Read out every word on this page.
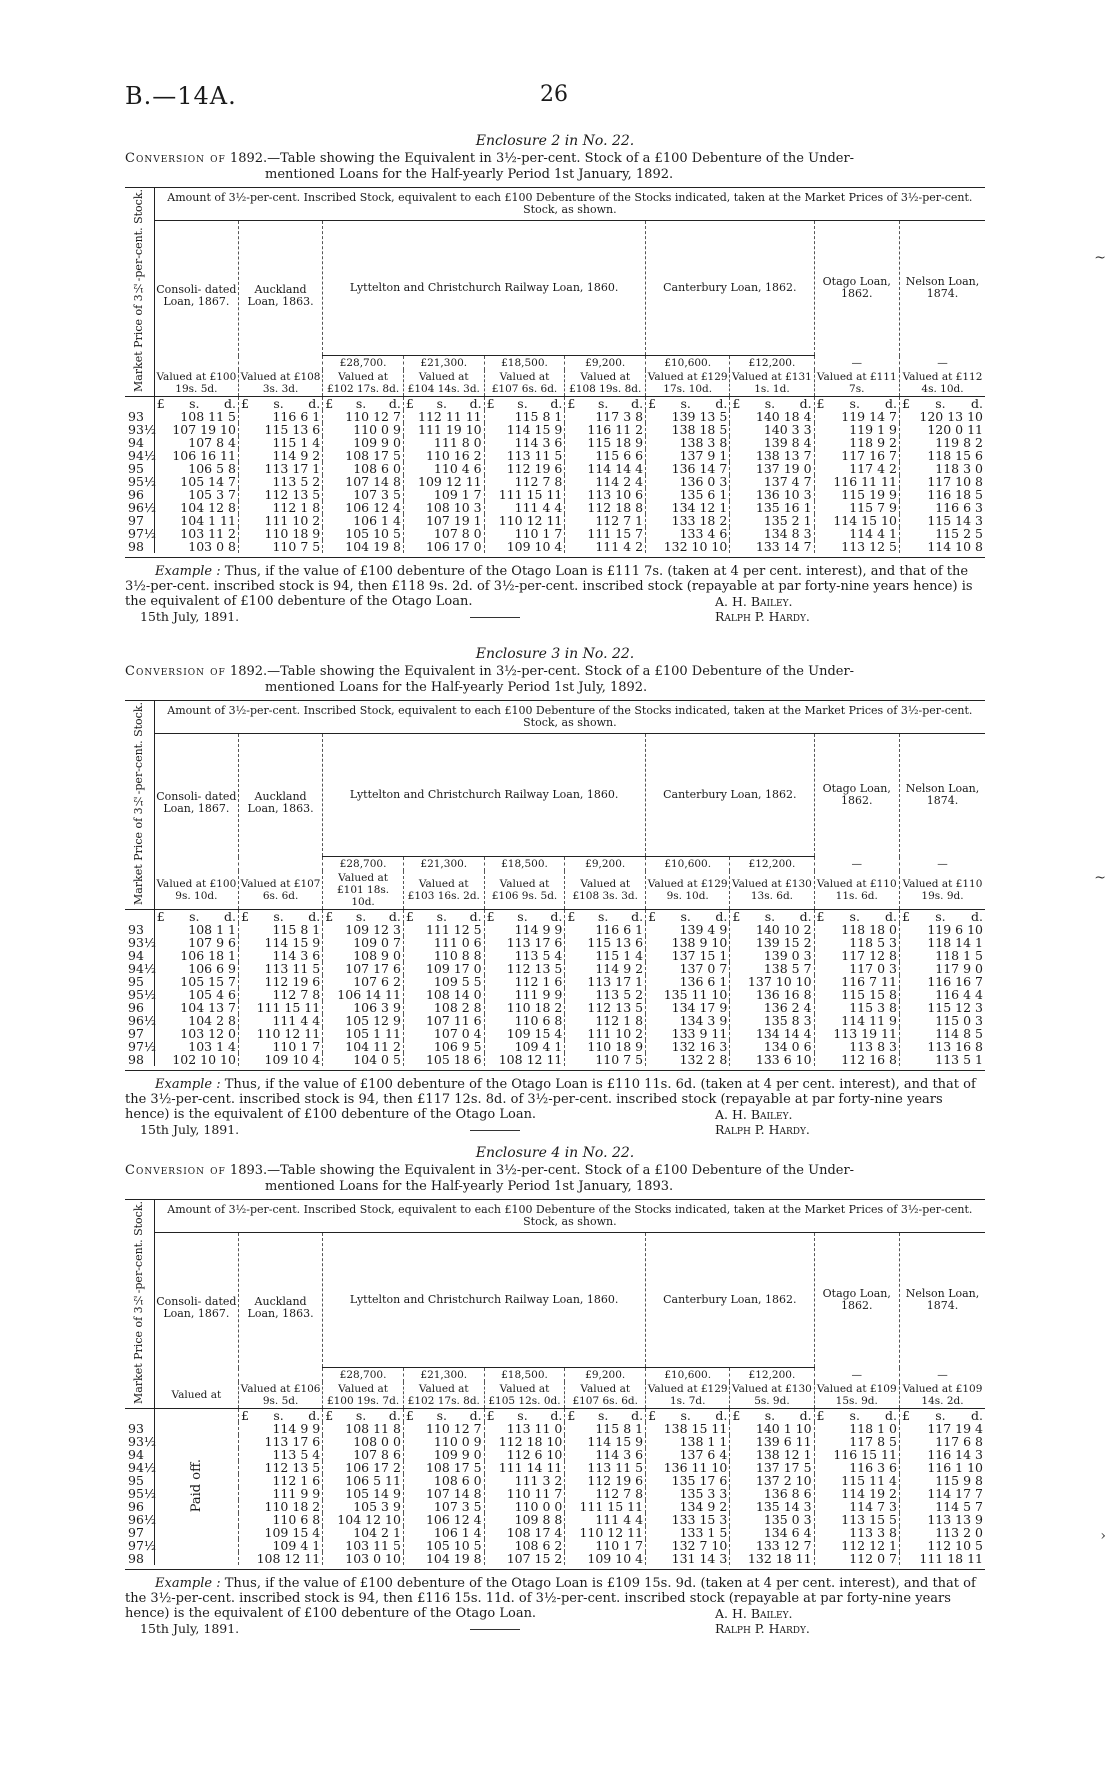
B.—14A.	26
~
~
›
Enclosure 2 in No. 22.
Conversion of 1892.—Table showing the Equivalent in 3½-per-cent. Stock of a £100 Debenture of the Under-
mentioned Loans for the Half-yearly Period 1st January, 1892.
Market Price of 3½-per-cent. Stock.	Amount of 3½-per-cent. Inscribed Stock, equivalent to each £100 Debenture of the Stocks indicated, taken at the Market Prices of 3½-per-cent. Stock, as shown.									
	Consoli- dated Loan, 1867.	Auckland Loan, 1863.	Lyttelton and Christchurch Railway Loan, 1860.				Canterbury Loan, 1862.		Otago Loan, 1862.	Nelson Loan, 1874.
			£28,700.	£21,300.	£18,500.	£9,200.	£10,600.	£12,200.	—	—
	Valued at £100 19s. 5d.	Valued at £108 3s. 3d.	Valued at £102 17s. 8d.	Valued at £104 14s. 3d.	Valued at £107 6s. 6d.	Valued at £108 19s. 8d.	Valued at £129 17s. 10d.	Valued at £131 1s. 1d.	Valued at £111 7s.	Valued at £112 4s. 10d.

	£ s. d.	£ s. d.	£ s. d.	£ s. d.	£ s. d.	£ s. d.	£ s. d.	£ s. d.	£ s. d.	£ s. d.

93	108 11 5	116 6 1	110 12 7	112 11 11	115 8 1	117 3 8	139 13 5	140 18 4	119 14 7	120 13 10
93½	107 19 10	115 13 6	110 0 9	111 19 10	114 15 9	116 11 2	138 18 5	140 3 3	119 1 9	120 0 11
94	107 8 4	115 1 4	109 9 0	111 8 0	114 3 6	115 18 9	138 3 8	139 8 4	118 9 2	119 8 2
94½	106 16 11	114 9 2	108 17 5	110 16 2	113 11 5	115 6 6	137 9 1	138 13 7	117 16 7	118 15 6
95	106 5 8	113 17 1	108 6 0	110 4 6	112 19 6	114 14 4	136 14 7	137 19 0	117 4 2	118 3 0
95½	105 14 7	113 5 2	107 14 8	109 12 11	112 7 8	114 2 4	136 0 3	137 4 7	116 11 11	117 10 8
96	105 3 7	112 13 5	107 3 5	109 1 7	111 15 11	113 10 6	135 6 1	136 10 3	115 19 9	116 18 5
96½	104 12 8	112 1 8	106 12 4	108 10 3	111 4 4	112 18 8	134 12 1	135 16 1	115 7 9	116 6 3
97	104 1 11	111 10 2	106 1 4	107 19 1	110 12 11	112 7 1	133 18 2	135 2 1	114 15 10	115 14 3
97½	103 11 2	110 18 9	105 10 5	107 8 0	110 1 7	111 15 7	133 4 6	134 8 3	114 4 1	115 2 5
98	103 0 8	110 7 5	104 19 8	106 17 0	109 10 4	111 4 2	132 10 10	133 14 7	113 12 5	114 10 8

Example : Thus, if the value of £100 debenture of the Otago Loan is £111 7s. (taken at 4 per cent. interest), and that of the 3½-per-cent. inscribed stock is 94, then £118 9s. 2d. of 3½-per-cent. inscribed stock (repayable at par forty-nine years hence) is the equivalent of £100 debenture of the Otago Loan.
15th July, 1891.
A. H. Bailey.
Ralph P. Hardy.
Enclosure 3 in No. 22.
Conversion of 1892.—Table showing the Equivalent in 3½-per-cent. Stock of a £100 Debenture of the Under-
mentioned Loans for the Half-yearly Period 1st July, 1892.
Market Price of 3½-per-cent. Stock.	Amount of 3½-per-cent. Inscribed Stock, equivalent to each £100 Debenture of the Stocks indicated, taken at the Market Prices of 3½-per-cent. Stock, as shown.									
	Consoli- dated Loan, 1867.	Auckland Loan, 1863.	Lyttelton and Christchurch Railway Loan, 1860.				Canterbury Loan, 1862.		Otago Loan, 1862.	Nelson Loan, 1874.
			£28,700.	£21,300.	£18,500.	£9,200.	£10,600.	£12,200.	—	—
	Valued at £100 9s. 10d.	Valued at £107 6s. 6d.	Valued at £101 18s. 10d.	Valued at £103 16s. 2d.	Valued at £106 9s. 5d.	Valued at £108 3s. 3d.	Valued at £129 9s. 10d.	Valued at £130 13s. 6d.	Valued at £110 11s. 6d.	Valued at £110 19s. 9d.

	£ s. d.	£ s. d.	£ s. d.	£ s. d.	£ s. d.	£ s. d.	£ s. d.	£ s. d.	£ s. d.	£ s. d.

93	108 1 1	115 8 1	109 12 3	111 12 5	114 9 9	116 6 1	139 4 9	140 10 2	118 18 0	119 6 10
93½	107 9 6	114 15 9	109 0 7	111 0 6	113 17 6	115 13 6	138 9 10	139 15 2	118 5 3	118 14 1
94	106 18 1	114 3 6	108 9 0	110 8 8	113 5 4	115 1 4	137 15 1	139 0 3	117 12 8	118 1 5
94½	106 6 9	113 11 5	107 17 6	109 17 0	112 13 5	114 9 2	137 0 7	138 5 7	117 0 3	117 9 0
95	105 15 7	112 19 6	107 6 2	109 5 5	112 1 6	113 17 1	136 6 1	137 10 10	116 7 11	116 16 7
95½	105 4 6	112 7 8	106 14 11	108 14 0	111 9 9	113 5 2	135 11 10	136 16 8	115 15 8	116 4 4
96	104 13 7	111 15 11	106 3 9	108 2 8	110 18 2	112 13 5	134 17 9	136 2 4	115 3 8	115 12 3
96½	104 2 8	111 4 4	105 12 9	107 11 6	110 6 8	112 1 8	134 3 9	135 8 3	114 11 9	115 0 3
97	103 12 0	110 12 11	105 1 11	107 0 4	109 15 4	111 10 2	133 9 11	134 14 4	113 19 11	114 8 5
97½	103 1 4	110 1 7	104 11 2	106 9 5	109 4 1	110 18 9	132 16 3	134 0 6	113 8 3	113 16 8
98	102 10 10	109 10 4	104 0 5	105 18 6	108 12 11	110 7 5	132 2 8	133 6 10	112 16 8	113 5 1

Example : Thus, if the value of £100 debenture of the Otago Loan is £110 11s. 6d. (taken at 4 per cent. interest), and that of the 3½-per-cent. inscribed stock is 94, then £117 12s. 8d. of 3½-per-cent. inscribed stock (repayable at par forty-nine years hence) is the equivalent of £100 debenture of the Otago Loan.
15th July, 1891.
A. H. Bailey.
Ralph P. Hardy.
Enclosure 4 in No. 22.
Conversion of 1893.—Table showing the Equivalent in 3½-per-cent. Stock of a £100 Debenture of the Under-
mentioned Loans for the Half-yearly Period 1st January, 1893.
Market Price of 3½-per-cent. Stock.	Amount of 3½-per-cent. Inscribed Stock, equivalent to each £100 Debenture of the Stocks indicated, taken at the Market Prices of 3½-per-cent. Stock, as shown.									
	Consoli- dated Loan, 1867.	Auckland Loan, 1863.	Lyttelton and Christchurch Railway Loan, 1860.				Canterbury Loan, 1862.		Otago Loan, 1862.	Nelson Loan, 1874.
			£28,700.	£21,300.	£18,500.	£9,200.	£10,600.	£12,200.	—	—
	Valued at	Valued at £106 9s. 5d.	Valued at £100 19s. 7d.	Valued at £102 17s. 8d.	Valued at £105 12s. 0d.	Valued at £107 6s. 6d.	Valued at £129 1s. 7d.	Valued at £130 5s. 9d.	Valued at £109 15s. 9d.	Valued at £109 14s. 2d.
	Paid off.	£ s. d.	£ s. d.	£ s. d.	£ s. d.	£ s. d.	£ s. d.	£ s. d.	£ s. d.	£ s. d.

93		114 9 9	108 11 8	110 12 7	113 11 0	115 8 1	138 15 11	140 1 10	118 1 0	117 19 4
93½		113 17 6	108 0 0	110 0 9	112 18 10	114 15 9	138 1 1	139 6 11	117 8 5	117 6 8
94		113 5 4	107 8 6	109 9 0	112 6 10	114 3 6	137 6 4	138 12 1	116 15 11	116 14 3
94½		112 13 5	106 17 2	108 17 5	111 14 11	113 11 5	136 11 10	137 17 5	116 3 6	116 1 10
95		112 1 6	106 5 11	108 6 0	111 3 2	112 19 6	135 17 6	137 2 10	115 11 4	115 9 8
95½		111 9 9	105 14 9	107 14 8	110 11 7	112 7 8	135 3 3	136 8 6	114 19 2	114 17 7
96		110 18 2	105 3 9	107 3 5	110 0 0	111 15 11	134 9 2	135 14 3	114 7 3	114 5 7
96½		110 6 8	104 12 10	106 12 4	109 8 8	111 4 4	133 15 3	135 0 3	113 15 5	113 13 9
97		109 15 4	104 2 1	106 1 4	108 17 4	110 12 11	133 1 5	134 6 4	113 3 8	113 2 0
97½		109 4 1	103 11 5	105 10 5	108 6 2	110 1 7	132 7 10	133 12 7	112 12 1	112 10 5
98		108 12 11	103 0 10	104 19 8	107 15 2	109 10 4	131 14 3	132 18 11	112 0 7	111 18 11

Example : Thus, if the value of £100 debenture of the Otago Loan is £109 15s. 9d. (taken at 4 per cent. interest), and that of the 3½-per-cent. inscribed stock is 94, then £116 15s. 11d. of 3½-per-cent. inscribed stock (repayable at par forty-nine years hence) is the equivalent of £100 debenture of the Otago Loan.
15th July, 1891.
A. H. Bailey.
Ralph P. Hardy.
